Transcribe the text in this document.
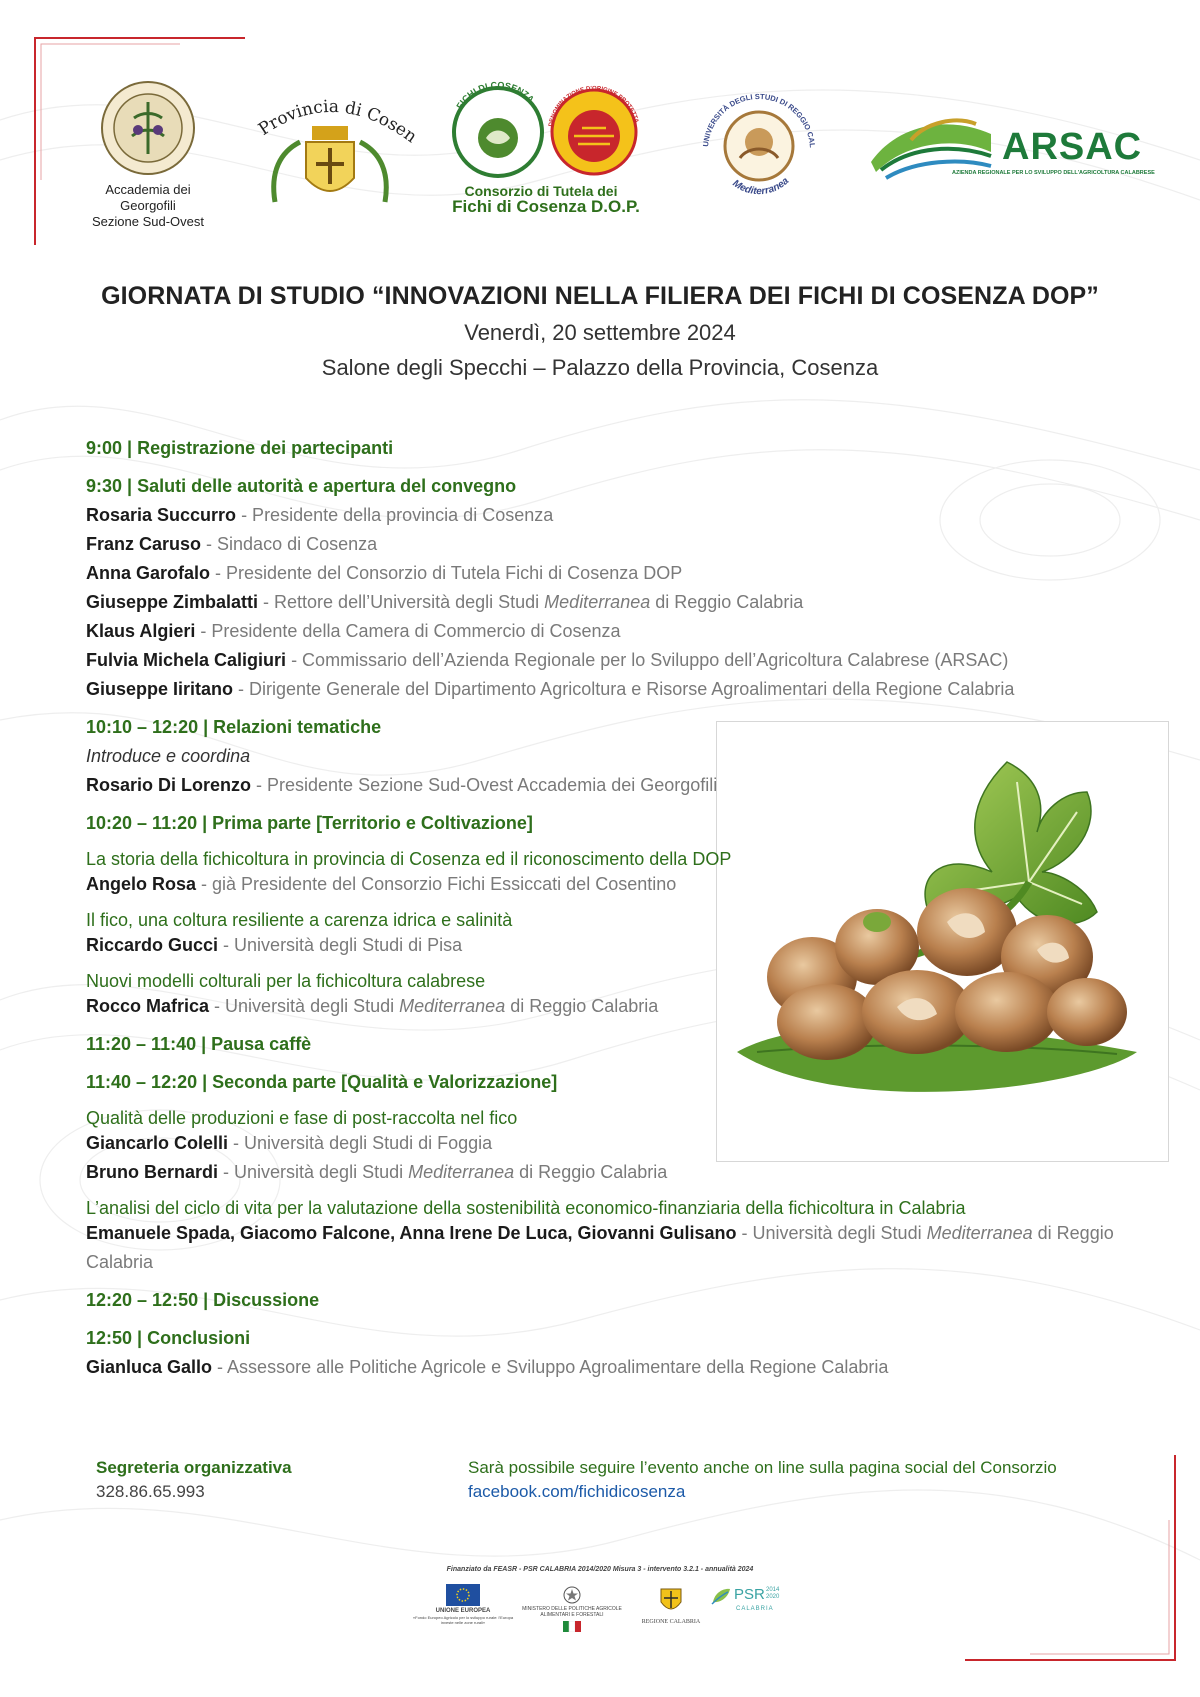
Accademia dei Georgofili
Sezione Sud-Ovest
Provincia di Cosen
FICHI DI COSENZA
DENOMINAZIONE D'ORIGINE PROTETTA
Consorzio di Tutela dei
Fichi di Cosenza D.O.P.
UNIVERSITÀ DEGLI STUDI DI REGGIO CAL
Mediterranea
ARSAC
AZIENDA REGIONALE PER LO SVILUPPO DELL'AGRICOLTURA CALABRESE
GIORNATA DI STUDIO “INNOVAZIONI NELLA FILIERA DEI FICHI DI COSENZA DOP”
Venerdì, 20 settembre 2024
Salone degli Specchi – Palazzo della Provincia, Cosenza
9:00 | Registrazione dei partecipanti
9:30 | Saluti delle autorità e apertura del convegno
Rosaria Succurro - Presidente della provincia di Cosenza
Franz Caruso - Sindaco di Cosenza
Anna Garofalo - Presidente del Consorzio di Tutela Fichi di Cosenza DOP
Giuseppe Zimbalatti - Rettore dell’Università degli Studi Mediterranea di Reggio Calabria
Klaus Algieri - Presidente della Camera di Commercio di Cosenza
Fulvia Michela Caligiuri - Commissario dell’Azienda Regionale per lo Sviluppo dell’Agricoltura Calabrese (ARSAC)
Giuseppe Iiritano - Dirigente Generale del Dipartimento Agricoltura e Risorse Agroalimentari della Regione Calabria
10:10 – 12:20 | Relazioni tematiche
Introduce e coordina
Rosario Di Lorenzo - Presidente Sezione Sud-Ovest Accademia dei Georgofili
10:20 – 11:20 | Prima parte [Territorio e Coltivazione]
La storia della fichicoltura in provincia di Cosenza ed il riconoscimento della DOP
Angelo Rosa - già Presidente del Consorzio Fichi Essiccati del Cosentino
Il fico, una coltura resiliente a carenza idrica e salinità
Riccardo Gucci - Università degli Studi di Pisa
Nuovi modelli colturali per la fichicoltura calabrese
Rocco Mafrica - Università degli Studi Mediterranea di Reggio Calabria
11:20 – 11:40 | Pausa caffè
11:40 – 12:20 | Seconda parte [Qualità e Valorizzazione]
Qualità delle produzioni e fase di post-raccolta nel fico
Giancarlo Colelli - Università degli Studi di Foggia
Bruno Bernardi - Università degli Studi Mediterranea di Reggio Calabria
L’analisi del ciclo di vita per la valutazione della sostenibilità economico-finanziaria della fichicoltura in Calabria
Emanuele Spada, Giacomo Falcone, Anna Irene De Luca, Giovanni Gulisano - Università degli Studi Mediterranea di Reggio Calabria
12:20 – 12:50 | Discussione
12:50 | Conclusioni
Gianluca Gallo - Assessore alle Politiche Agricole e Sviluppo Agroalimentare della Regione Calabria
Segreteria organizzativa
328.86.65.993
Sarà possibile seguire l’evento anche on line sulla pagina social del Consorzio
facebook.com/fichidicosenza
Finanziato da FEASR - PSR CALABRIA 2014/2020 Misura 3 - intervento 3.2.1 - annualità 2024
UNIONE EUROPEA
«Fondo Europeo Agricolo per lo sviluppo rurale: l'Europa investe nelle zone rurali»
MINISTERO DELLE POLITICHE AGRICOLE ALIMENTARI E FORESTALI
REGIONE CALABRIA
PSR 2014 2020
CALABRIA
